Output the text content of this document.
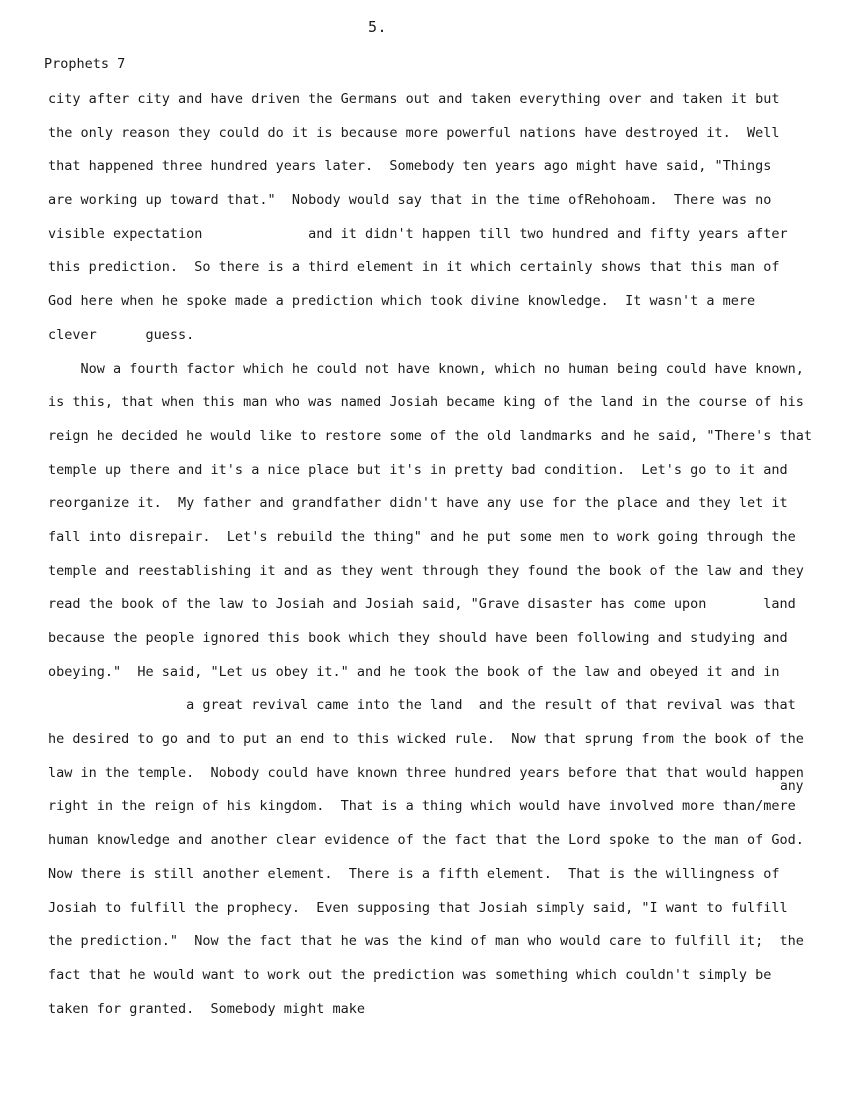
5.
Prophets 7
any
city after city and have driven the Germans out and taken everything over and taken it but
the only reason they could do it is because more powerful nations have destroyed it.  Well
that happened three hundred years later.  Somebody ten years ago might have said, "Things
are working up toward that."  Nobody would say that in the time ofRehohoam.  There was no
visible expectation             and it didn't happen till two hundred and fifty years after
this prediction.  So there is a third element in it which certainly shows that this man of
God here when he spoke made a prediction which took divine knowledge.  It wasn't a mere
clever      guess.
Now a fourth factor which he could not have known, which no human being could have known,
is this, that when this man who was named Josiah became king of the land in the course of his
reign he decided he would like to restore some of the old landmarks and he said, "There's that
temple up there and it's a nice place but it's in pretty bad condition.  Let's go to it and
reorganize it.  My father and grandfather didn't have any use for the place and they let it
fall into disrepair.  Let's rebuild the thing" and he put some men to work going through the
temple and reestablishing it and as they went through they found the book of the law and they
read the book of the law to Josiah and Josiah said, "Grave disaster has come upon       land
because the people ignored this book which they should have been following and studying and
obeying."  He said, "Let us obey it." and he took the book of the law and obeyed it and in
a great revival came into the land  and the result of that revival was that
he desired to go and to put an end to this wicked rule.  Now that sprung from the book of the
law in the temple.  Nobody could have known three hundred years before that that would happen
right in the reign of his kingdom.  That is a thing which would have involved more than/mere
human knowledge and another clear evidence of the fact that the Lord spoke to the man of God.
Now there is still another element.  There is a fifth element.  That is the willingness of
Josiah to fulfill the prophecy.  Even supposing that Josiah simply said, "I want to fulfill
the prediction."  Now the fact that he was the kind of man who would care to fulfill it;  the
fact that he would want to work out the prediction was something which couldn't simply be
taken for granted.  Somebody might make
